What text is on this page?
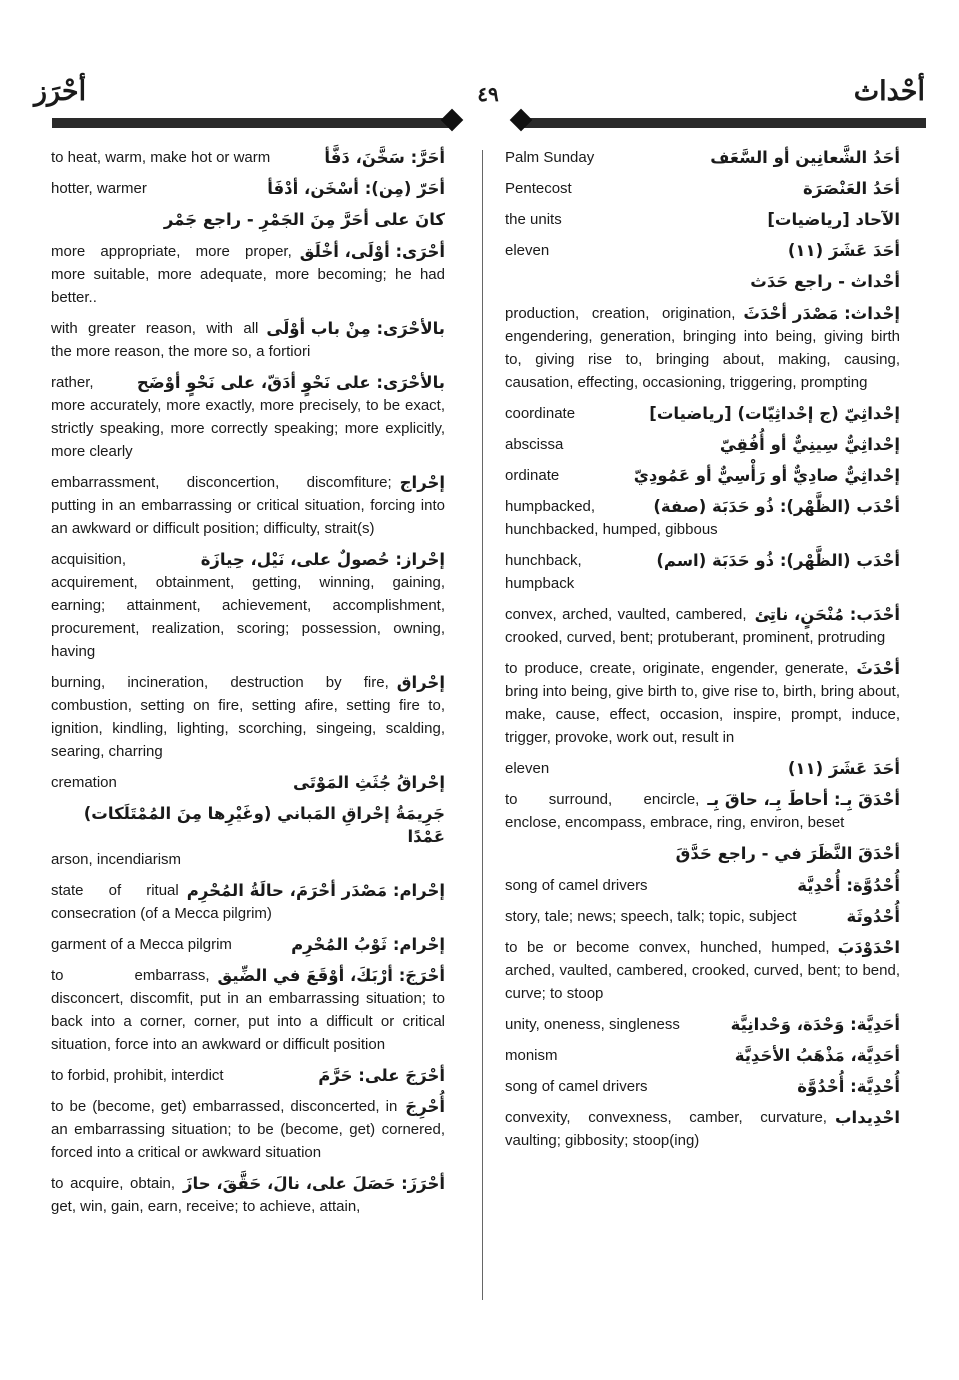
أحْرَز	٤٩	أحْداث
أحَرَّ: سَخَّنَ، دَفَّأ
to heat, warm, make hot or warm
أحَرّ (مِن): أسْخَن، أدْفَأ
hotter, warmer
كانَ على أحَرَّ مِنَ الجَمْرِ - راجع جَمْر
أحْرَى: أوْلَى، أخْلَق
more appropriate, more proper, more suitable, more adequate, more becoming; he had better..
بالأحْرَى: مِنْ باب أوْلَى
with greater reason, with all the more reason, the more so, a fortiori
بالأحْرَى: على نَحْوٍ أدَقّ، على نَحْوٍ أوْضَح
rather, more accurately, more exactly, more precisely, to be exact, strictly speaking, more correctly speaking; more explicitly, more clearly
إحْراج
embarrassment, disconcertion, discomfiture; putting in an embarrassing or critical situation, forcing into an awkward or difficult position; difficulty, strait(s)
إحْراز: حُصولٌ على، نَيْل، حِيازَة
acquisition, acquirement, obtainment, getting, winning, gaining, earning; attainment, achievement, accomplishment, procurement, realization, scoring; possession, owning, having
إحْراق
burning, incineration, destruction by fire, combustion, setting on fire, setting afire, setting fire to, ignition, kindling, lighting, scorching, singeing, scalding, searing, charring
إحْراقُ جُثَثِ المَوْتَى
cremation
جَرِيمَةُ إحْراقِ المَباني (وغَيْرِها مِنَ المُمْتَلَكات) عَمْدًا
arson, incendiarism
إحْرام: مَصْدَر أحْرَمَ، حالَةُ المُحْرِم
state of ritual consecration (of a Mecca pilgrim)
إحْرام: ثَوْبُ المُحْرِم
garment of a Mecca pilgrim
أحْرَجَ: أرْبَكَ، أوْقَعَ في الضِّيق
to embarrass, disconcert, discomfit, put in an embarrassing situation; to back into a corner, corner, put into a difficult or critical situation, force into an awkward or difficult position
أحْرَجَ على: حَرَّمَ
to forbid, prohibit, interdict
أُحْرِجَ
to be (become, get) embarrassed, disconcerted, in an embarrassing situation; to be (become, get) cornered, forced into a critical or awkward situation
أحْرَزَ: حَصَلَ على، نالَ، حَقَّقَ، حازَ
to acquire, obtain, get, win, gain, earn, receive; to achieve, attain,
أحَدُ الشَّعانِين أو السَّعَف
Palm Sunday
أحَدُ العَنْصَرَة
Pentecost
الآحاد [رياضيات]
the units
أحَدَ عَشَرَ (١١)
eleven
أحْداث - راجع حَدَث
إحْداث: مَصْدَر أحْدَثَ
production, creation, origination, engendering, generation, bringing into being, giving birth to, giving rise to, bringing about, making, causing, causation, effecting, occasioning, triggering, prompting
إحْداثِيّ (ج إحْداثِيّات) [رياضيات]
coordinate
إحْداثِيٌّ سِينِيٌّ أو أُفُقِيّ
abscissa
إحْداثِيٌّ صادِيٌّ أو رَأْسِيٌّ أو عَمُودِيّ
ordinate
أحْدَب (الظَّهْر): ذُو حَدَبَة (صفة)
humpbacked, hunchbacked, humped, gibbous
أحْدَب (الظَّهْر): ذُو حَدَبَة (اسم)
hunchback, humpback
أحْدَب: مُنْحَنٍ، ناتِئ
convex, arched, vaulted, cambered, crooked, curved, bent; protuberant, prominent, protruding
أحْدَثَ
to produce, create, originate, engender, generate, bring into being, give birth to, give rise to, birth, bring about, make, cause, effect, occasion, inspire, prompt, induce, trigger, provoke, work out, result in
أحَدَ عَشَرَ (١١)
eleven
أحْدَقَ بِـ: أحاطَ بِـ، حاقَ بِـ
to surround, encircle, enclose, encompass, embrace, ring, environ, beset
أحْدَقَ النَّظَرَ في - راجع حَدَّقَ
أُحْدُوَّة: أُحْدِيَّة
song of camel drivers
أُحْدُوثَة
story, tale; news; speech, talk; topic, subject
احْدَوْدَبَ
to be or become convex, hunched, humped, arched, vaulted, cambered, crooked, curved, bent; to bend, curve; to stoop
أحَدِيَّة: وَحْدَة، وَحْدانِيَّة
unity, oneness, singleness
أحَدِيَّة، مَذْهَبُ الأحَدِيَّة
monism
أُحْدِيَّة: أُحْدُوَّة
song of camel drivers
احْدِيداب
convexity, convexness, camber, curvature, vaulting; gibbosity; stoop(ing)
